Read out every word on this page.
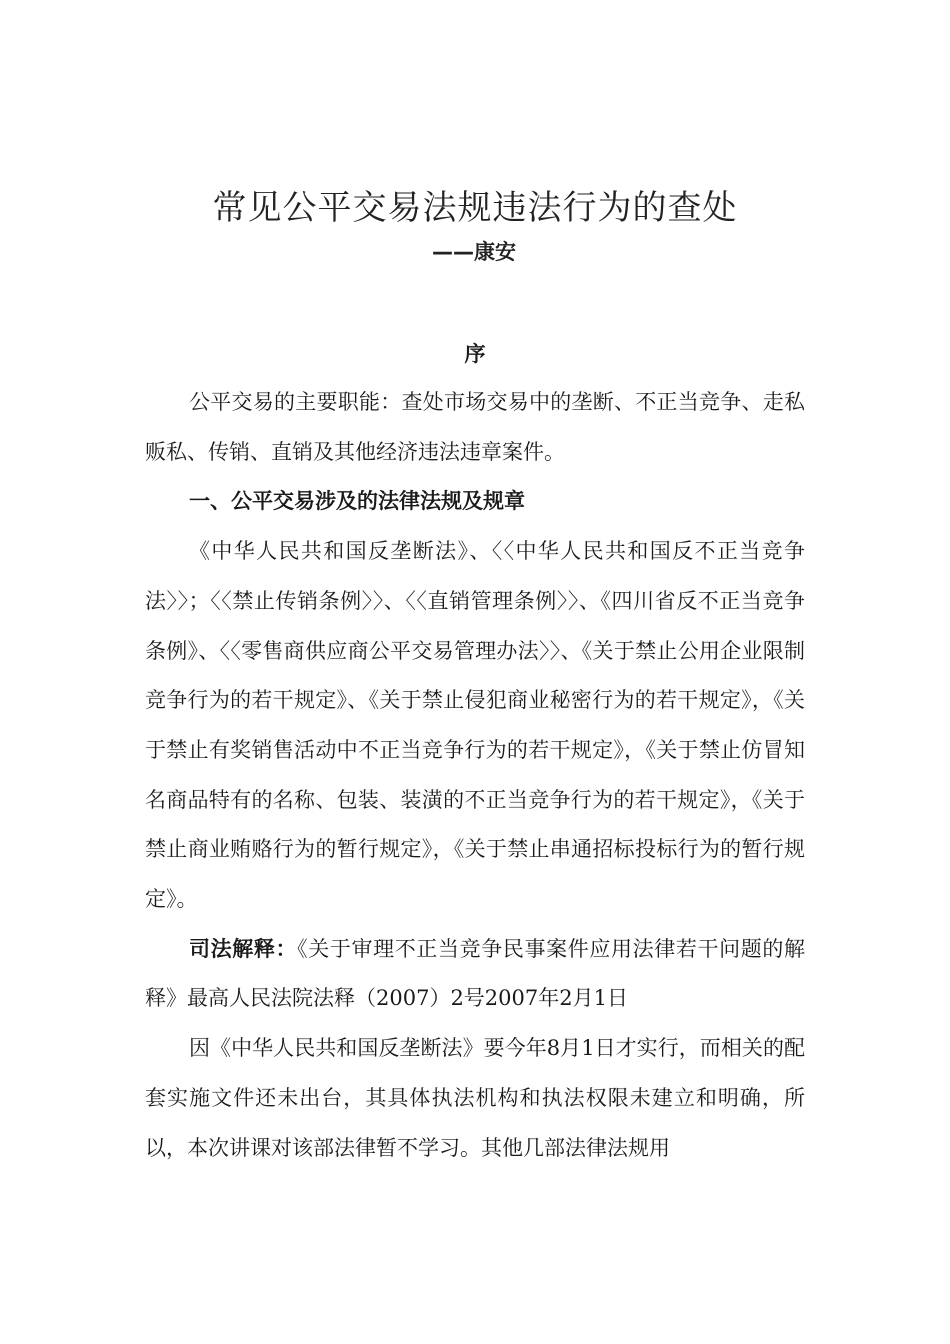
常见公平交易法规违法行为的查处
——康安
序

公平交易的主要职能：查处市场交易中的垄断、不正当竞争、走私贩私、传销、直销及其他经济违法违章案件。

一、公平交易涉及的法律法规及规章

《中华人民共和国反垄断法》、〈〈中华人民共和国反不正当竞争法〉〉；〈〈禁止传销条例〉〉、〈〈直销管理条例〉〉、《四川省反不正当竞争条例》、〈〈零售商供应商公平交易管理办法〉〉、《关于禁止公用企业限制竞争行为的若干规定》、《关于禁止侵犯商业秘密行为的若干规定》，《关于禁止有奖销售活动中不正当竞争行为的若干规定》，《关于禁止仿冒知名商品特有的名称、包装、装潢的不正当竞争行为的若干规定》，《关于禁止商业贿赂行为的暂行规定》，《关于禁止串通招标投标行为的暂行规定》。

司法解释：《关于审理不正当竞争民事案件应用法律若干问题的解释》最高人民法院法释（2007）2号2007年2月1日

因《中华人民共和国反垄断法》要今年8月1日才实行，而相关的配套实施文件还未出台，其具体执法机构和执法权限未建立和明确，所以，本次讲课对该部法律暂不学习。其他几部法律法规用
